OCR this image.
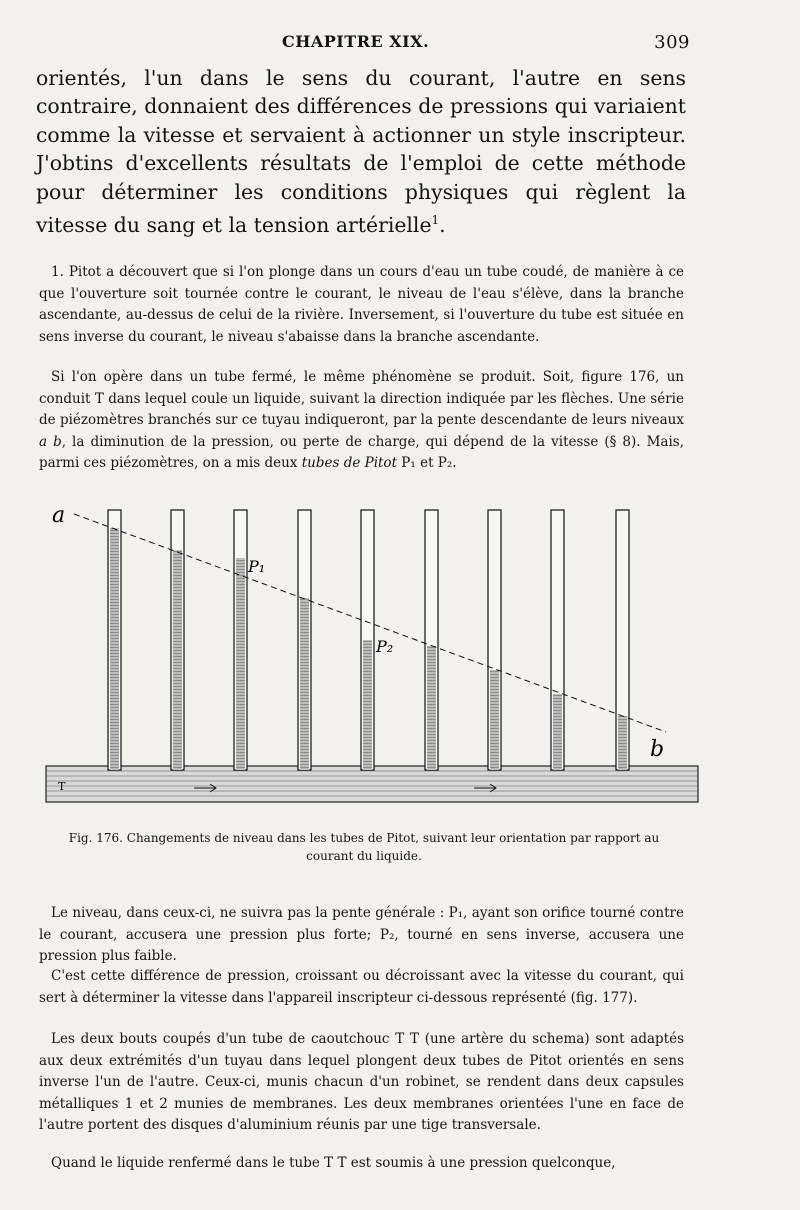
CHAPITRE XIX.	309
orientés, l'un dans le sens du courant, l'autre en sens contraire, donnaient des différences de pressions qui variaient comme la vitesse et servaient à actionner un style inscripteur. J'obtins d'excellents résultats de l'emploi de cette méthode pour déterminer les conditions physiques qui règlent la vitesse du sang et la tension artérielle$^1$.
1. Pitot a découvert que si l'on plonge dans un cours d'eau un tube coudé, de manière à ce que l'ouverture soit tournée contre le courant, le niveau de l'eau s'élève, dans la branche ascendante, au-dessus de celui de la rivière. Inversement, si l'ouverture du tube est située en sens inverse du courant, le niveau s'abaisse dans la branche ascendante.
Si l'on opère dans un tube fermé, le même phénomène se produit. Soit, figure 176, un conduit T dans lequel coule un liquide, suivant la direction indiquée par les flèches. Une série de piézomètres branchés sur ce tuyau indiqueront, par la pente descendante de leurs niveaux a b, la diminution de la pression, ou perte de charge, qui dépend de la vitesse (§ 8). Mais, parmi ces piézomètres, on a mis deux tubes de Pitot P₁ et P₂.
a
b
P₁
P₂
T
Fig. 176. Changements de niveau dans les tubes de Pitot, suivant leur orientation par rapport au courant du liquide.
Le niveau, dans ceux-ci, ne suivra pas la pente générale : P₁, ayant son orifice tourné contre le courant, accusera une pression plus forte; P₂, tourné en sens inverse, accusera une pression plus faible.
C'est cette différence de pression, croissant ou décroissant avec la vitesse du courant, qui sert à déterminer la vitesse dans l'appareil inscripteur ci-dessous représenté (fig. 177).
Les deux bouts coupés d'un tube de caoutchouc T T (une artère du schema) sont adaptés aux deux extrémités d'un tuyau dans lequel plongent deux tubes de Pitot orientés en sens inverse l'un de l'autre. Ceux-ci, munis chacun d'un robinet, se rendent dans deux capsules métalliques 1 et 2 munies de membranes. Les deux membranes orientées l'une en face de l'autre portent des disques d'aluminium réunis par une tige transversale.
Quand le liquide renfermé dans le tube T T est soumis à une pression quelconque,
